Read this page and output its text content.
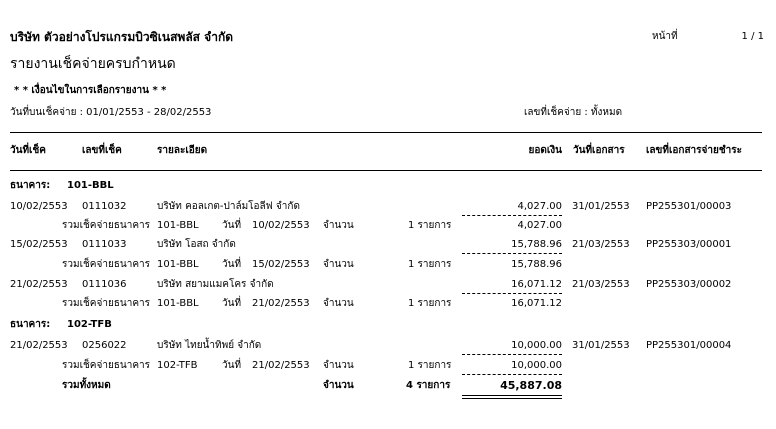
บริษัท ตัวอย่างโปรแกรมบิวซิเนสพลัส จำกัด	หน้าที่	1 / 1
รายงานเช็คจ่ายครบกำหนด
* * เงื่อนไขในการเลือกรายงาน * *
วันที่บนเช็คจ่าย : 01/01/2553 - 28/02/2553	เลขที่เช็คจ่าย : ทั้งหมด
วันที่เช็ค	เลขที่เช็ค	รายละเอียด	ยอดเงิน วันที่เอกสาร เลขที่เอกสารจ่ายชำระ
ธนาคาร: 101-BBL
10/02/2553 0111032	บริษัท คอลเกต-ปาล์มโอลีฟ จำกัด	4,027.00 31/01/2553 PP255301/00003
รวมเช็คจ่ายธนาคาร 101-BBL วันที่ 10/02/2553 จำนวน	1 รายการ	4,027.00
15/02/2553 0111033	บริษัท โอสถ จำกัด	15,788.96 21/03/2553 PP255303/00001
รวมเช็คจ่ายธนาคาร 101-BBL วันที่ 15/02/2553 จำนวน	1 รายการ	15,788.96
21/02/2553 0111036	บริษัท สยามแมคโคร จำกัด	16,071.12 21/03/2553 PP255303/00002
รวมเช็คจ่ายธนาคาร 101-BBL วันที่ 21/02/2553 จำนวน	1 รายการ	16,071.12
ธนาคาร: 102-TFB
21/02/2553 0256022	บริษัท ไทยน้ำทิพย์ จำกัด	10,000.00 31/01/2553 PP255301/00004
รวมเช็คจ่ายธนาคาร 102-TFB วันที่ 21/02/2553 จำนวน	1 รายการ	10,000.00
รวมทั้งหมด	จำนวน	4 รายการ	45,887.08
